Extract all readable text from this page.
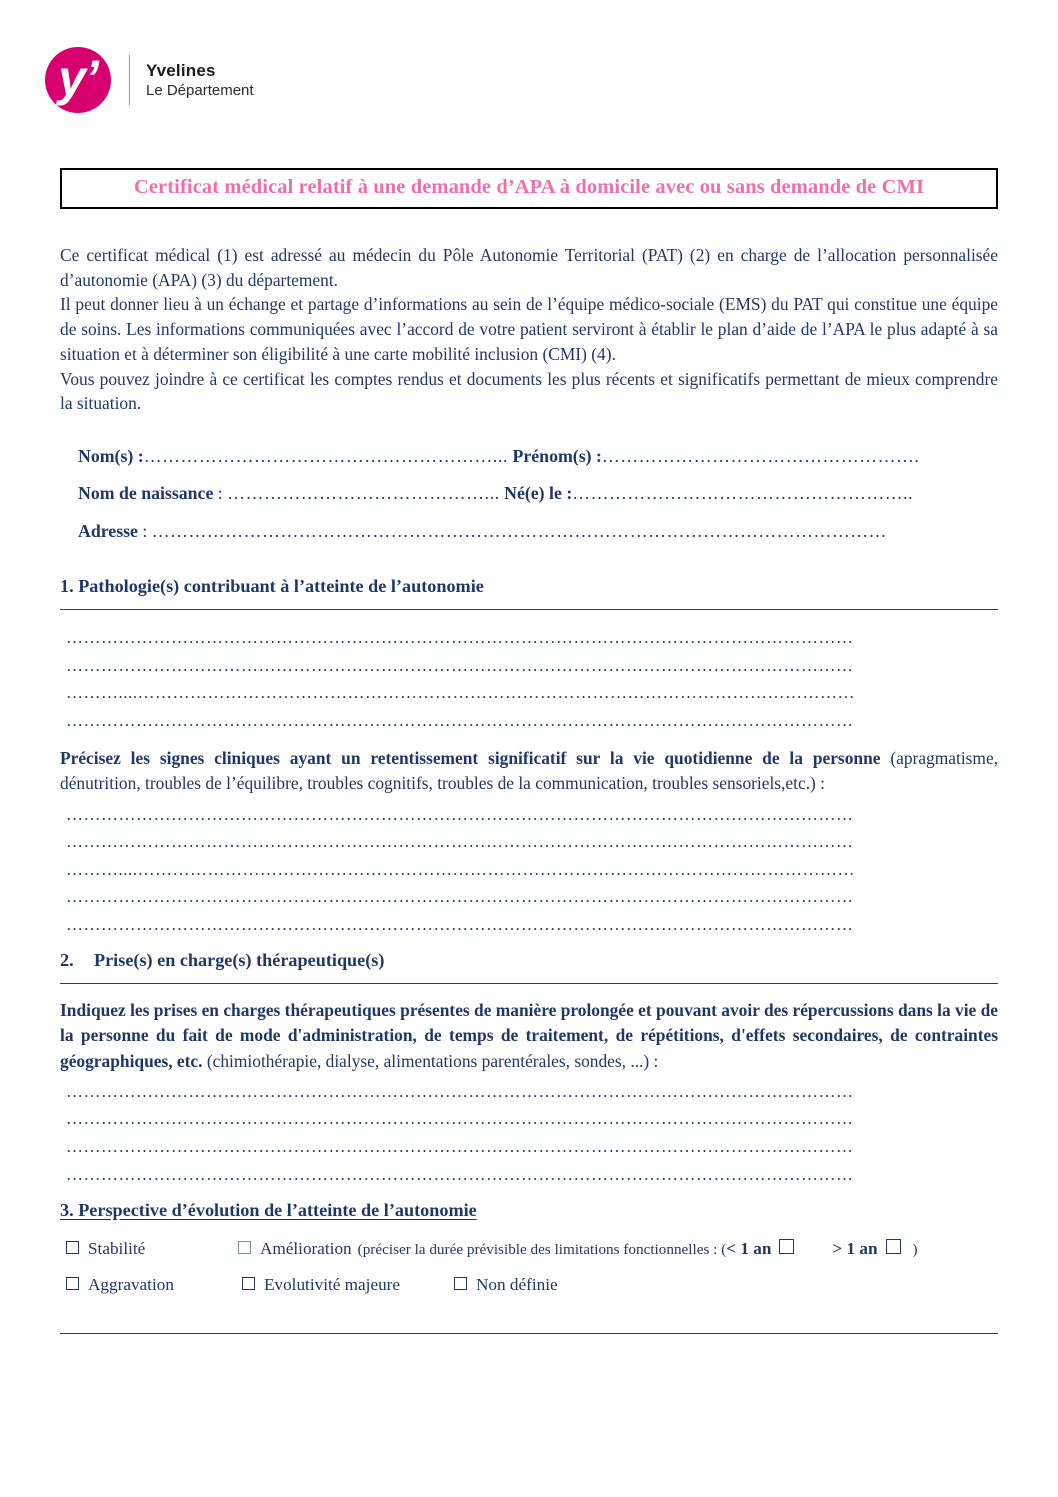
y’	Yvelines
Le Département
Certificat médical relatif à une demande d’APA à domicile avec ou sans demande de CMI

Ce certificat médical (1) est adressé au médecin du Pôle Autonomie Territorial (PAT) (2) en charge de l’allocation personnalisée d’autonomie (APA) (3) du département.

Il peut donner lieu à un échange et partage d’informations au sein de l’équipe médico-sociale (EMS) du PAT qui constitue une équipe de soins. Les informations communiquées avec l’accord de votre patient serviront à établir le plan d’aide de l’APA le plus adapté à sa situation et à déterminer son éligibilité à une carte mobilité inclusion (CMI) (4).

Vous pouvez joindre à ce certificat les comptes rendus et documents les plus récents et significatifs permettant de mieux comprendre la situation.

Nom(s) :…………………………………………………... Prénom(s) :…………………………………………….
Nom de naissance : ……………………………………... Né(e) le :………………………………………………..
Adresse : …………………………………………………………………………………………………………
1. Pathologie(s) contribuant à l’atteinte de l’autonomie
………………………………………………………………………………………………………………………
………………………………………………………………………………………………………………………
………....……………………………………………………………………………………………………………
………………………………………………………………………………………………………………………

Précisez les signes cliniques ayant un retentissement significatif sur la vie quotidienne de la personne (apragmatisme, dénutrition, troubles de l’équilibre, troubles cognitifs, troubles de la communication, troubles sensoriels,etc.) :

………………………………………………………………………………………………………………………
………………………………………………………………………………………………………………………
………....……………………………………………………………………………………………………………
………………………………………………………………………………………………………………………
………………………………………………………………………………………………………………………
2. Prise(s) en charge(s) thérapeutique(s)

Indiquez les prises en charges thérapeutiques présentes de manière prolongée et pouvant avoir des répercussions dans la vie de la personne du fait de mode d'administration, de temps de traitement, de répétitions, d'effets secondaires, de contraintes géographiques, etc. (chimiothérapie, dialyse, alimentations parentérales, sondes, ...) :

………………………………………………………………………………………………………………………
………………………………………………………………………………………………………………………
………………………………………………………………………………………………………………………
………………………………………………………………………………………………………………………
3. Perspective d’évolution de l’atteinte de l’autonomie
Stabilité	Amélioration (préciser la durée prévisible des limitations fonctionnelles : ( < 1 an	> 1 an )
Aggravation	Evolutivité majeure	Non définie
